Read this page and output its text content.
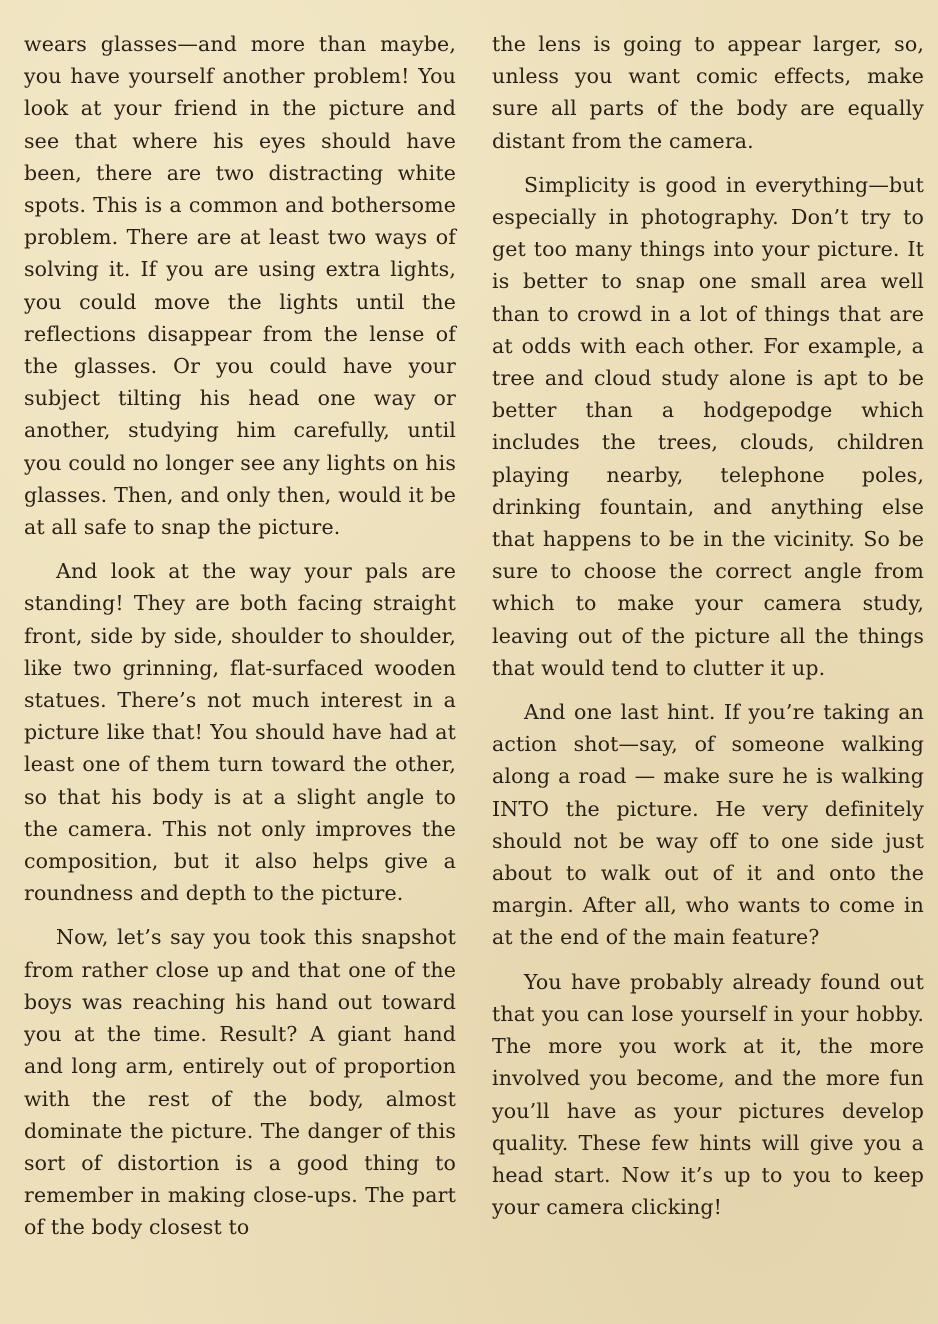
wears glasses—and more than maybe, you have yourself another problem! You look at your friend in the picture and see that where his eyes should have been, there are two distracting white spots. This is a common and bothersome problem. There are at least two ways of solving it. If you are using extra lights, you could move the lights until the reflections disappear from the lense of the glasses. Or you could have your subject tilting his head one way or another, studying him carefully, until you could no longer see any lights on his glasses. Then, and only then, would it be at all safe to snap the picture.

And look at the way your pals are standing! They are both facing straight front, side by side, shoulder to shoulder, like two grinning, flat-surfaced wooden statues. There’s not much interest in a picture like that! You should have had at least one of them turn toward the other, so that his body is at a slight angle to the camera. This not only improves the composition, but it also helps give a roundness and depth to the picture.

Now, let’s say you took this snapshot from rather close up and that one of the boys was reaching his hand out toward you at the time. Result? A giant hand and long arm, entirely out of proportion with the rest of the body, almost dominate the picture. The danger of this sort of distortion is a good thing to remember in making close-ups. The part of the body closest to

the lens is going to appear larger, so, unless you want comic effects, make sure all parts of the body are equally distant from the camera.

Simplicity is good in everything—but especially in photography. Don’t try to get too many things into your picture. It is better to snap one small area well than to crowd in a lot of things that are at odds with each other. For example, a tree and cloud study alone is apt to be better than a hodgepodge which includes the trees, clouds, children playing nearby, telephone poles, drinking fountain, and anything else that happens to be in the vicinity. So be sure to choose the correct angle from which to make your camera study, leaving out of the picture all the things that would tend to clutter it up.

And one last hint. If you’re taking an action shot—say, of someone walking along a road — make sure he is walking INTO the picture. He very definitely should not be way off to one side just about to walk out of it and onto the margin. After all, who wants to come in at the end of the main feature?

You have probably already found out that you can lose yourself in your hobby. The more you work at it, the more involved you become, and the more fun you’ll have as your pictures develop quality. These few hints will give you a head start. Now it’s up to you to keep your camera clicking!
